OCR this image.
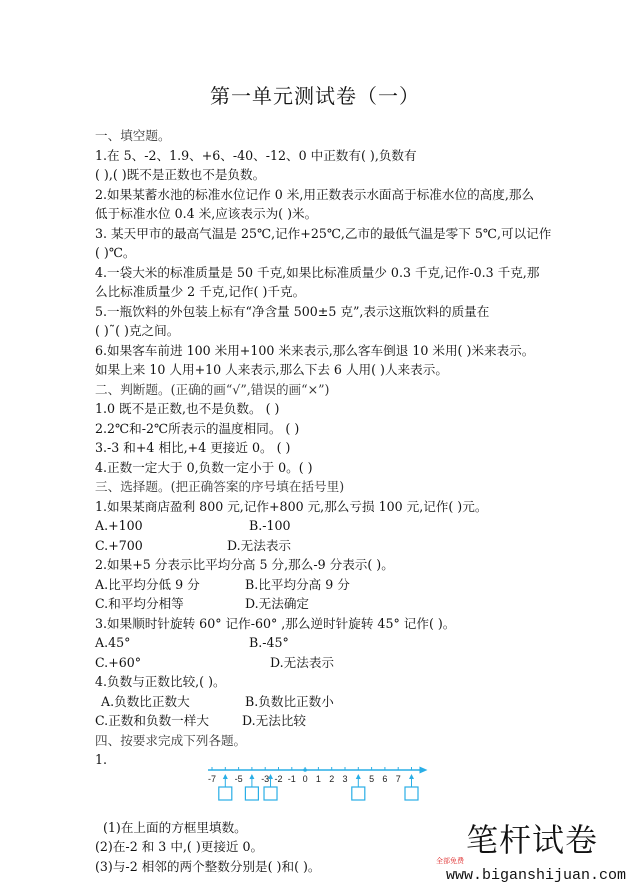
第一单元测试卷（一）
一、填空题。
1.在 5、-2、1.9、+6、-40、-12、0 中正数有( ),负数有
( ),( )既不是正数也不是负数。
2.如果某蓄水池的标准水位记作 0 米,用正数表示水面高于标准水位的高度,那么
低于标准水位 0.4 米,应该表示为( )米。
3. 某天甲市的最高气温是 25℃,记作+25℃,乙市的最低气温是零下 5℃,可以记作
( )℃。
4.一袋大米的标准质量是 50 千克,如果比标准质量少 0.3 千克,记作-0.3 千克,那
么比标准质量少 2 千克,记作( )千克。
5.一瓶饮料的外包装上标有“净含量 500±5 克”,表示这瓶饮料的质量在
( )˜( )克之间。
6.如果客车前进 100 米用+100 米来表示,那么客车倒退 10 米用( )米来表示。
如果上来 10 人用+10 人来表示,那么下去 6 人用( )人来表示。
二、判断题。(正确的画“√”,错误的画“×”)
1.0 既不是正数,也不是负数。 ( )
2.2℃和-2℃所表示的温度相同。 ( )
3.-3 和+4 相比,+4 更接近 0。 ( )
4.正数一定大于 0,负数一定小于 0。( )
三、选择题。(把正确答案的序号填在括号里)
1.如果某商店盈利 800 元,记作+800 元,那么亏损 100 元,记作( )元。
A.+100	B.-100
C.+700	D.无法表示
2.如果+5 分表示比平均分高 5 分,那么-9 分表示( )。
A.比平均分低 9 分	B.比平均分高 9 分
C.和平均分相等	D.无法确定
3.如果顺时针旋转 60° 记作-60° ,那么逆时针旋转 45° 记作( )。
A.45°	B.-45°
C.+60°	D.无法表示
4.负数与正数比较,( )。
A.负数比正数大	B.负数比正数小
C.正数和负数一样大	D.无法比较
四、按要求完成下列各题。
1.
-7 -5 -3 -2 -1 0 1 2 3 5 6 7
(1)在上面的方框里填数。
(2)在-2 和 3 中,( )更接近 0。
(3)与-2 相邻的两个整数分别是( )和( )。
笔杆试卷
全部免费
www.biganshijuan.com
